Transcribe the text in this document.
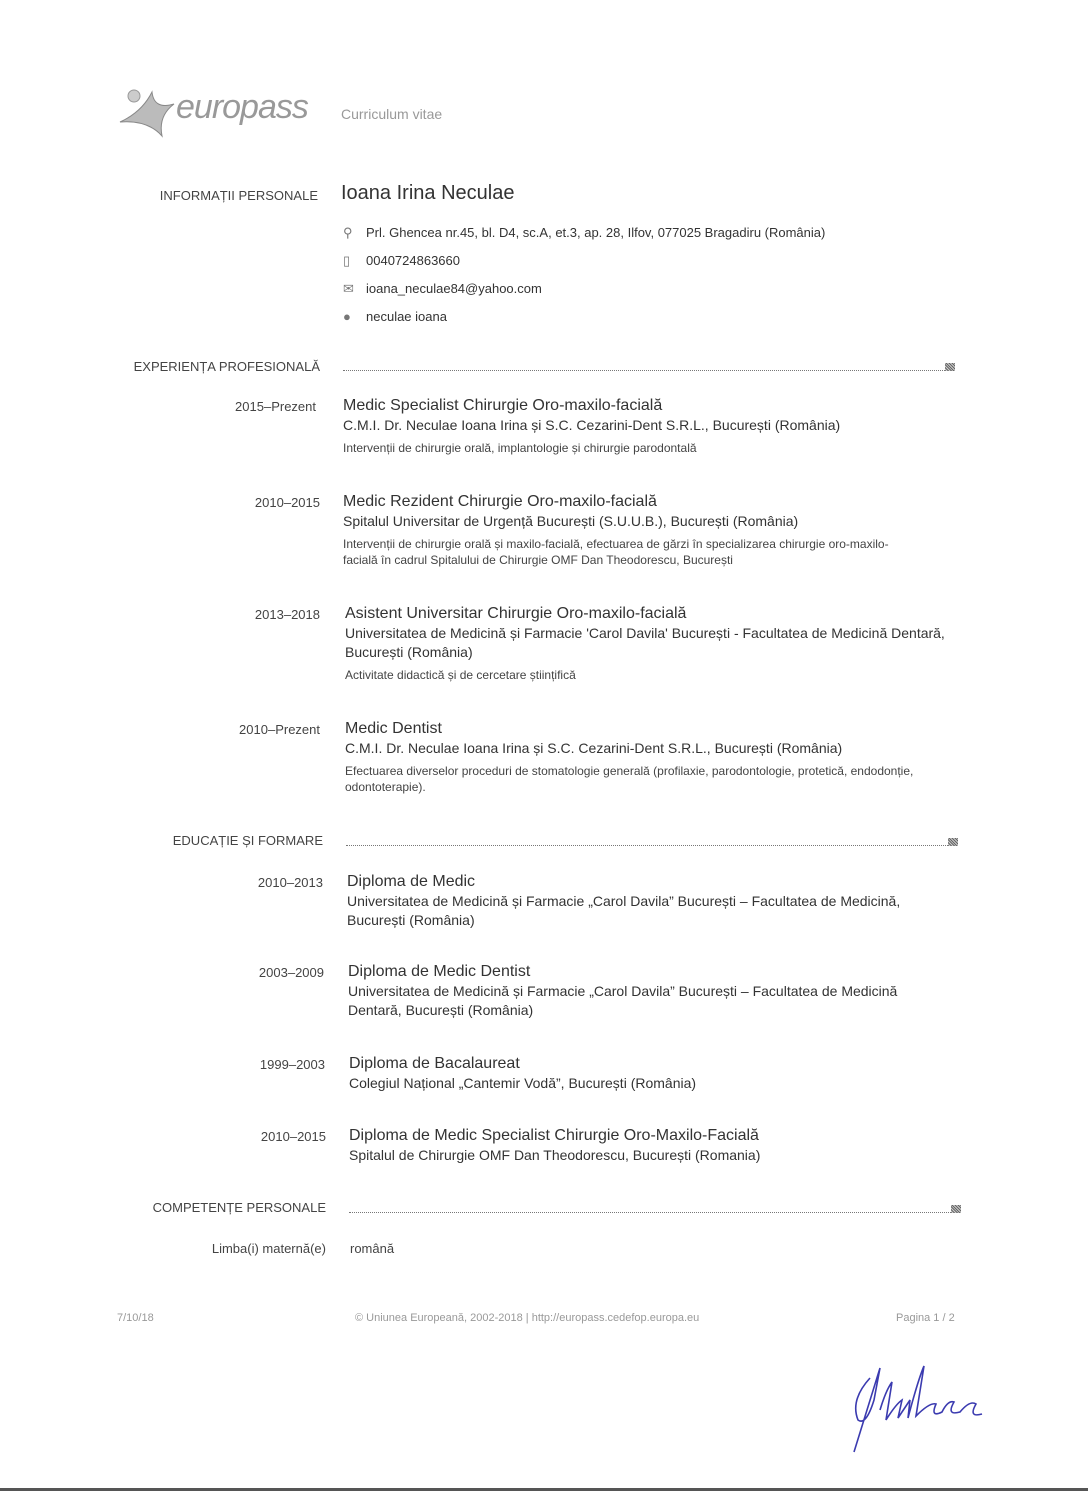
europass Curriculum vitae
INFORMAȚII PERSONALE Ioana Irina Neculae
⚲ Prl. Ghencea nr.45, bl. D4, sc.A, et.3, ap. 28, Ilfov, 077025 Bragadiru (România)
▯ 0040724863660
✉ ioana_neculae84@yahoo.com
● neculae ioana
EXPERIENȚA PROFESIONALĂ
2015–Prezent Medic Specialist Chirurgie Oro-maxilo-facială
C.M.I. Dr. Neculae Ioana Irina și S.C. Cezarini-Dent S.R.L., București (România)
Intervenții de chirurgie orală, implantologie și chirurgie parodontală
2010–2015 Medic Rezident Chirurgie Oro-maxilo-facială
Spitalul Universitar de Urgență București (S.U.U.B.), București (România)
Intervenții de chirurgie orală și maxilo-facială, efectuarea de gărzi în specializarea chirurgie oro-maxilo-facială în cadrul Spitalului de Chirurgie OMF Dan Theodorescu, București
2013–2018 Asistent Universitar Chirurgie Oro-maxilo-facială
Universitatea de Medicină și Farmacie 'Carol Davila' București - Facultatea de Medicină Dentară, București (România)
Activitate didactică și de cercetare științifică
2010–Prezent Medic Dentist
C.M.I. Dr. Neculae Ioana Irina și S.C. Cezarini-Dent S.R.L., București (România)
Efectuarea diverselor proceduri de stomatologie generală (profilaxie, parodontologie, protetică, endodonție, odontoterapie).
EDUCAȚIE ȘI FORMARE
2010–2013 Diploma de Medic
Universitatea de Medicină și Farmacie „Carol Davila” București – Facultatea de Medicină, București (România)
2003–2009 Diploma de Medic Dentist
Universitatea de Medicină și Farmacie „Carol Davila” București – Facultatea de Medicină Dentară, București (România)
1999–2003 Diploma de Bacalaureat
Colegiul Național „Cantemir Vodă”, București (România)
2010–2015 Diploma de Medic Specialist Chirurgie Oro-Maxilo-Facială
Spitalul de Chirurgie OMF Dan Theodorescu, București (Romania)
COMPETENȚE PERSONALE
Limba(i) maternă(e) română
7/10/18	© Uniunea Europeană, 2002-2018 | http://europass.cedefop.europa.eu	Pagina 1 / 2
